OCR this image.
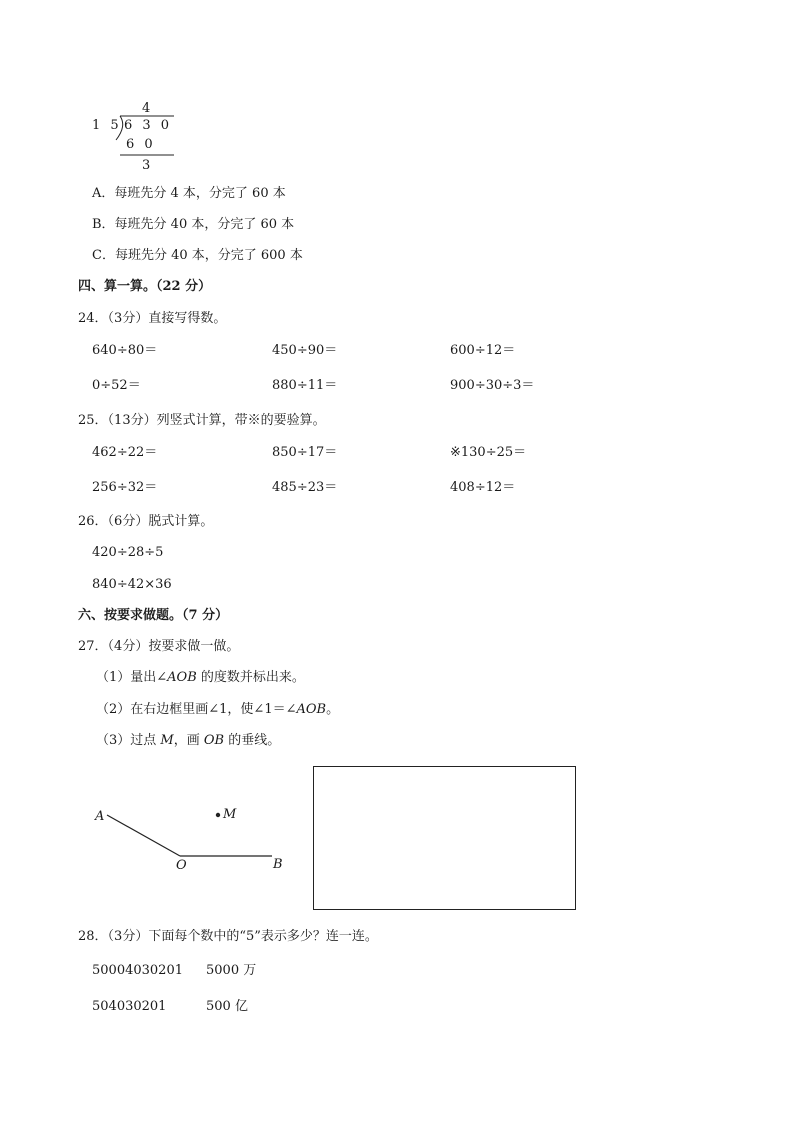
4
1 5 6 3 0
6 0
3
A．每班先分 4 本，分完了 60 本
B．每班先分 40 本，分完了 60 本
C．每班先分 40 本，分完了 600 本
四、算一算。（22 分）
24．（3分）直接写得数。
640÷80＝	450÷90＝	600÷12＝
0÷52＝	880÷11＝	900÷30÷3＝
25．（13分）列竖式计算，带※的要验算。
462÷22＝	850÷17＝	※130÷25＝
256÷32＝	485÷23＝	408÷12＝
26．（6分）脱式计算。
420÷28÷5
840÷42×36
六、按要求做题。（7 分）
27．（4分）按要求做一做。
（1）量出∠AOB 的度数并标出来。
（2）在右边框里画∠1，使∠1＝∠AOB。
（3）过点 M，画 OB 的垂线。
A
O	B
M
28．（3分）下面每个数中的“5”表示多少？连一连。
50004030201 5000 万
504030201	500 亿
